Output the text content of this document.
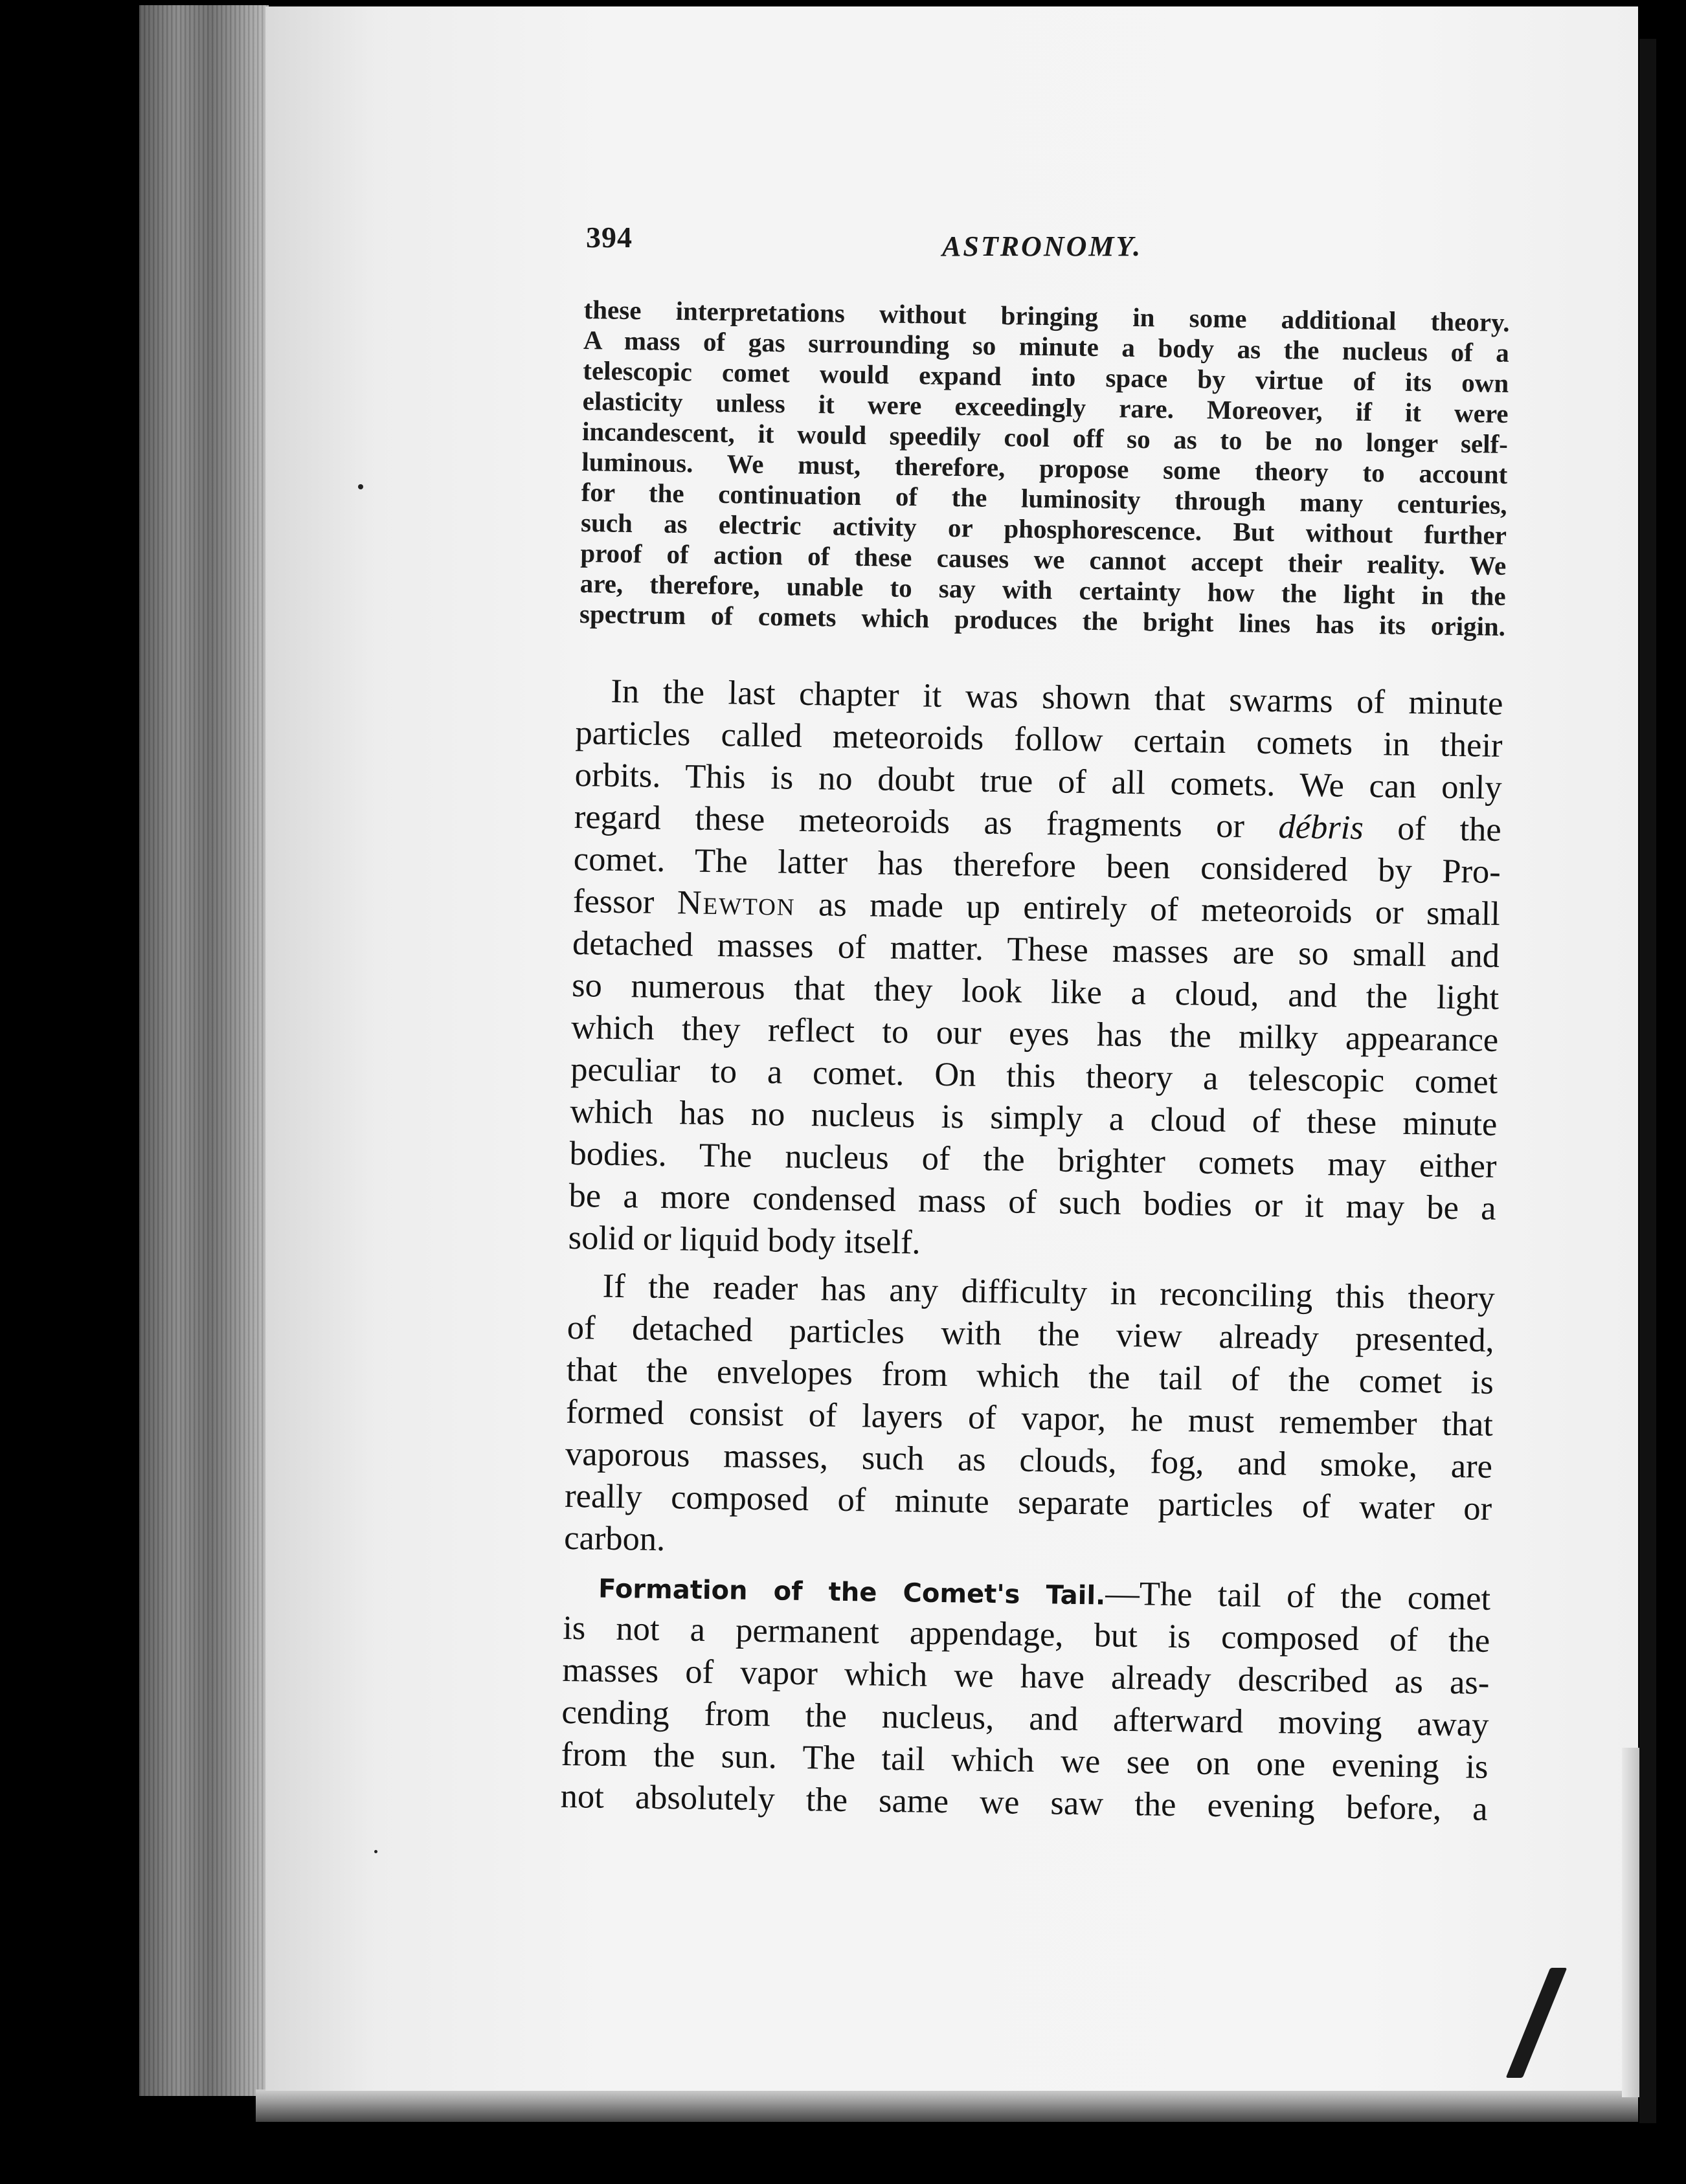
394	ASTRONOMY.
these interpretations without bringing in some additional theory.
A mass of gas surrounding so minute a body as the nucleus of a
telescopic comet would expand into space by virtue of its own
elasticity unless it were exceedingly rare. Moreover, if it were
incandescent, it would speedily cool off so as to be no longer self-
luminous. We must, therefore, propose some theory to account
for the continuation of the luminosity through many centuries,
such as electric activity or phosphorescence. But without further
proof of action of these causes we cannot accept their reality. We
are, therefore, unable to say with certainty how the light in the
spectrum of comets which produces the bright lines has its origin.
In the last chapter it was shown that swarms of minute
particles called meteoroids follow certain comets in their
orbits. This is no doubt true of all comets. We can only
regard these meteoroids as fragments or débris of the
comet. The latter has therefore been considered by Pro-
fessor Newton as made up entirely of meteoroids or small
detached masses of matter. These masses are so small and
so numerous that they look like a cloud, and the light
which they reflect to our eyes has the milky appearance
peculiar to a comet. On this theory a telescopic comet
which has no nucleus is simply a cloud of these minute
bodies. The nucleus of the brighter comets may either
be a more condensed mass of such bodies or it may be a
solid or liquid body itself.
If the reader has any difficulty in reconciling this theory
of detached particles with the view already presented,
that the envelopes from which the tail of the comet is
formed consist of layers of vapor, he must remember that
vaporous masses, such as clouds, fog, and smoke, are
really composed of minute separate particles of water or
carbon.
Formation of the Comet's Tail.—The tail of the comet
is not a permanent appendage, but is composed of the
masses of vapor which we have already described as as-
cending from the nucleus, and afterward moving away
from the sun. The tail which we see on one evening is
not absolutely the same we saw the evening before, a
